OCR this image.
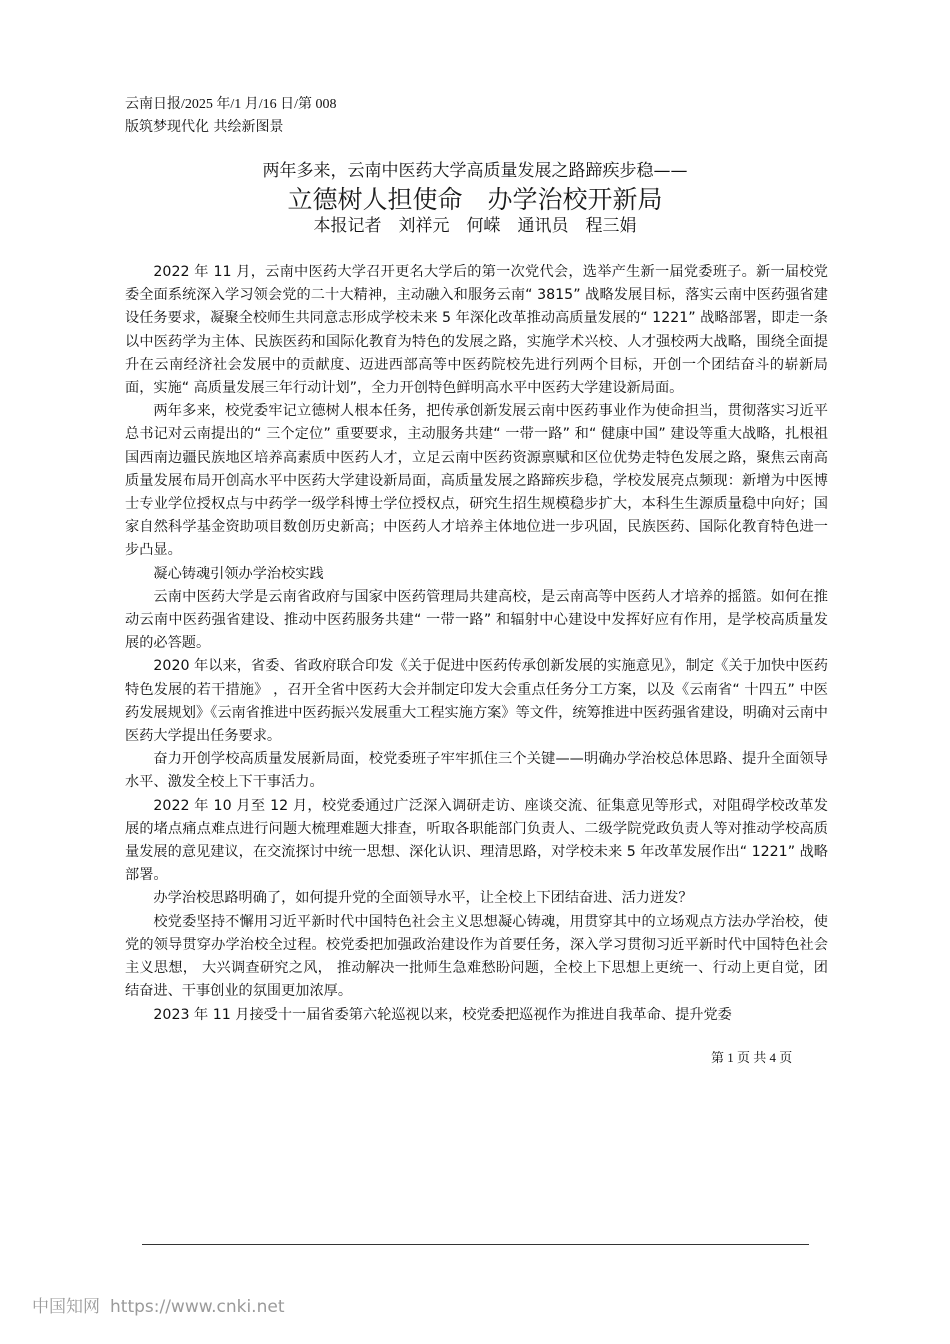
云南日报/2025 年/1 月/16 日/第 008
版筑梦现代化 共绘新图景
两年多来，云南中医药大学高质量发展之路蹄疾步稳——
立德树人担使命　办学治校开新局
本报记者　刘祥元　何嵘　通讯员　程三娟

2022 年 11 月，云南中医药大学召开更名大学后的第一次党代会，选举产生新一届党委班子。新一届校党委全面系统深入学习领会党的二十大精神，主动融入和服务云南“ 3815” 战略发展目标，落实云南中医药强省建设任务要求，凝聚全校师生共同意志形成学校未来 5 年深化改革推动高质量发展的“ 1221” 战略部署，即走一条以中医药学为主体、民族医药和国际化教育为特色的发展之路，实施学术兴校、人才强校两大战略，围绕全面提升在云南经济社会发展中的贡献度、迈进西部高等中医药院校先进行列两个目标，开创一个团结奋斗的崭新局面，实施“ 高质量发展三年行动计划”，全力开创特色鲜明高水平中医药大学建设新局面。

两年多来，校党委牢记立德树人根本任务，把传承创新发展云南中医药事业作为使命担当，贯彻落实习近平总书记对云南提出的“ 三个定位” 重要要求，主动服务共建“ 一带一路” 和“ 健康中国” 建设等重大战略，扎根祖国西南边疆民族地区培养高素质中医药人才，立足云南中医药资源禀赋和区位优势走特色发展之路，聚焦云南高质量发展布局开创高水平中医药大学建设新局面，高质量发展之路蹄疾步稳，学校发展亮点频现：新增为中医博士专业学位授权点与中药学一级学科博士学位授权点，研究生招生规模稳步扩大，本科生生源质量稳中向好；国家自然科学基金资助项目数创历史新高；中医药人才培养主体地位进一步巩固，民族医药、国际化教育特色进一步凸显。

凝心铸魂引领办学治校实践

云南中医药大学是云南省政府与国家中医药管理局共建高校，是云南高等中医药人才培养的摇篮。如何在推动云南中医药强省建设、推动中医药服务共建“ 一带一路” 和辐射中心建设中发挥好应有作用，是学校高质量发展的必答题。

2020 年以来，省委、省政府联合印发《关于促进中医药传承创新发展的实施意见》，制定《关于加快中医药特色发展的若干措施》 ，召开全省中医药大会并制定印发大会重点任务分工方案，以及《云南省“ 十四五” 中医药发展规划》《云南省推进中医药振兴发展重大工程实施方案》等文件，统筹推进中医药强省建设，明确对云南中医药大学提出任务要求。

奋力开创学校高质量发展新局面，校党委班子牢牢抓住三个关键——明确办学治校总体思路、提升全面领导水平、激发全校上下干事活力。

2022 年 10 月至 12 月，校党委通过广泛深入调研走访、座谈交流、征集意见等形式，对阻碍学校改革发展的堵点痛点难点进行问题大梳理难题大排查，听取各职能部门负责人、二级学院党政负责人等对推动学校高质量发展的意见建议，在交流探讨中统一思想、深化认识、理清思路，对学校未来 5 年改革发展作出“ 1221” 战略部署。

办学治校思路明确了，如何提升党的全面领导水平，让全校上下团结奋进、活力迸发？

校党委坚持不懈用习近平新时代中国特色社会主义思想凝心铸魂，用贯穿其中的立场观点方法办学治校，使党的领导贯穿办学治校全过程。校党委把加强政治建设作为首要任务，深入学习贯彻习近平新时代中国特色社会主义思想， 大兴调查研究之风， 推动解决一批师生急难愁盼问题，全校上下思想上更统一、行动上更自觉，团结奋进、干事创业的氛围更加浓厚。

2023 年 11 月接受十一届省委第六轮巡视以来，校党委把巡视作为推进自我革命、提升党委

第 1 页 共 4 页
中国知网 https://www.cnki.net
